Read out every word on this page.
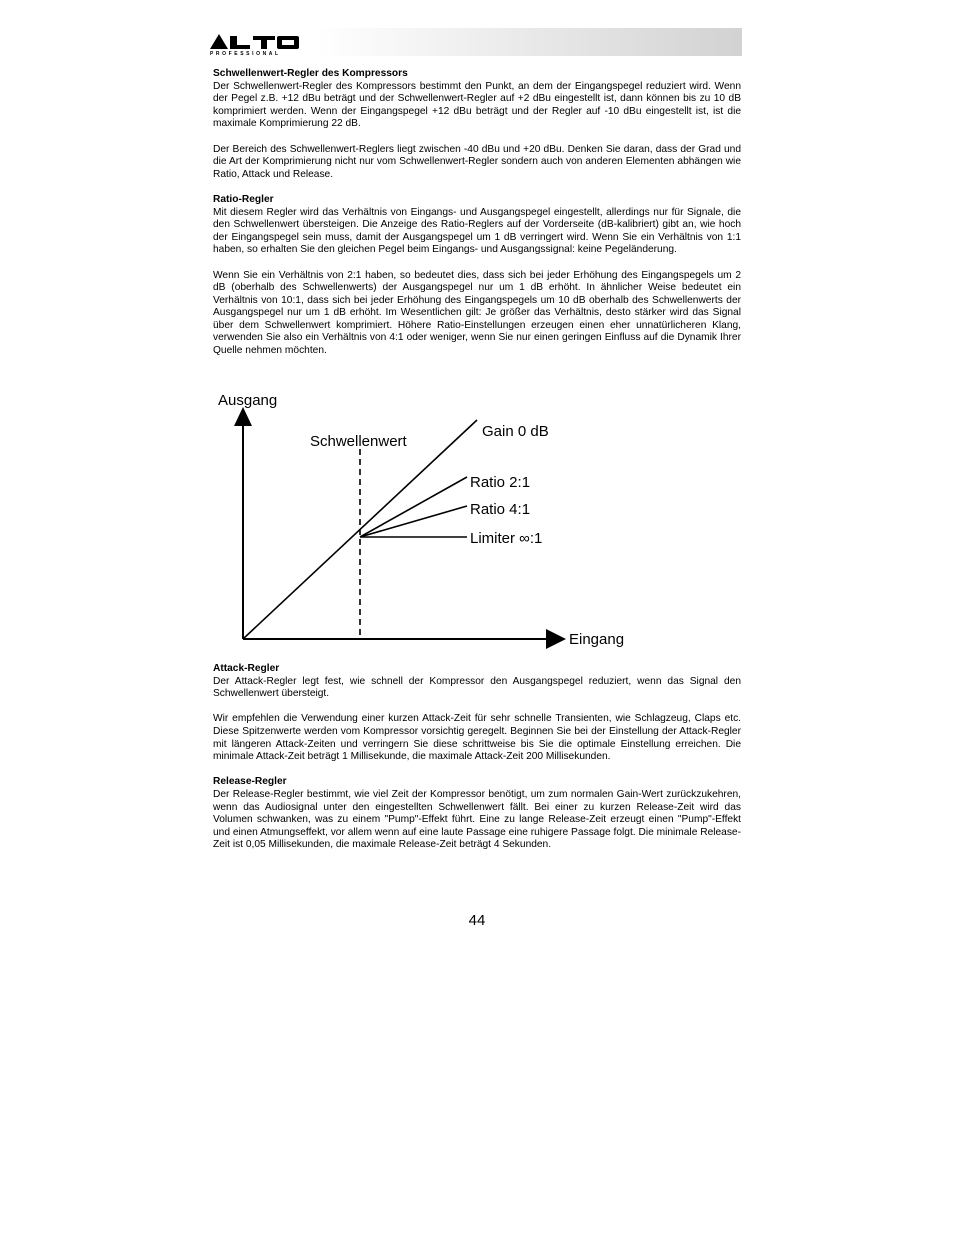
PROFESSIONAL
Schwellenwert-Regler des Kompressors

Der Schwellenwert-Regler des Kompressors bestimmt den Punkt, an dem der Eingangspegel reduziert wird. Wenn der Pegel z.B. +12 dBu beträgt und der Schwellenwert-Regler auf +2 dBu eingestellt ist, dann können bis zu 10 dB komprimiert werden. Wenn der Eingangspegel +12 dBu beträgt und der Regler auf -10 dBu eingestellt ist, ist die maximale Komprimierung 22 dB.

Der Bereich des Schwellenwert-Reglers liegt zwischen -40 dBu und +20 dBu. Denken Sie daran, dass der Grad und die Art der Komprimierung nicht nur vom Schwellenwert-Regler sondern auch von anderen Elementen abhängen wie Ratio, Attack und Release.

Ratio-Regler

Mit diesem Regler wird das Verhältnis von Eingangs- und Ausgangspegel eingestellt, allerdings nur für Signale, die den Schwellenwert übersteigen. Die Anzeige des Ratio-Reglers auf der Vorderseite (dB-kalibriert) gibt an, wie hoch der Eingangspegel sein muss, damit der Ausgangspegel um 1 dB verringert wird. Wenn Sie ein Verhältnis von 1:1 haben, so erhalten Sie den gleichen Pegel beim Eingangs- und Ausgangssignal: keine Pegeländerung.

Wenn Sie ein Verhältnis von 2:1 haben, so bedeutet dies, dass sich bei jeder Erhöhung des Eingangspegels um 2 dB (oberhalb des Schwellenwerts) der Ausgangspegel nur um 1 dB erhöht. In ähnlicher Weise bedeutet ein Verhältnis von 10:1, dass sich bei jeder Erhöhung des Eingangspegels um 10 dB oberhalb des Schwellenwerts der Ausgangspegel nur um 1 dB erhöht. Im Wesentlichen gilt: Je größer das Verhältnis, desto stärker wird das Signal über dem Schwellenwert komprimiert. Höhere Ratio-Einstellungen erzeugen einen eher unnatürlicheren Klang, verwenden Sie also ein Verhältnis von 4:1 oder weniger, wenn Sie nur einen geringen Einfluss auf die Dynamik Ihrer Quelle nehmen möchten.

Ausgang
Schwellenwert
Gain 0 dB
Ratio 2:1
Ratio 4:1
Limiter ∞:1
Eingang
Attack-Regler

Der Attack-Regler legt fest, wie schnell der Kompressor den Ausgangspegel reduziert, wenn das Signal den Schwellenwert übersteigt.

Wir empfehlen die Verwendung einer kurzen Attack-Zeit für sehr schnelle Transienten, wie Schlagzeug, Claps etc. Diese Spitzenwerte werden vom Kompressor vorsichtig geregelt. Beginnen Sie bei der Einstellung der Attack-Regler mit längeren Attack-Zeiten und verringern Sie diese schrittweise bis Sie die optimale Einstellung erreichen. Die minimale Attack-Zeit beträgt 1 Millisekunde, die maximale Attack-Zeit 200 Millisekunden.

Release-Regler

Der Release-Regler bestimmt, wie viel Zeit der Kompressor benötigt, um zum normalen Gain-Wert zurückzukehren, wenn das Audiosignal unter den eingestellten Schwellenwert fällt. Bei einer zu kurzen Release-Zeit wird das Volumen schwanken, was zu einem "Pump"-Effekt führt. Eine zu lange Release-Zeit erzeugt einen "Pump"-Effekt und einen Atmungseffekt, vor allem wenn auf eine laute Passage eine ruhigere Passage folgt. Die minimale Release-Zeit ist 0,05 Millisekunden, die maximale Release-Zeit beträgt 4 Sekunden.

44
